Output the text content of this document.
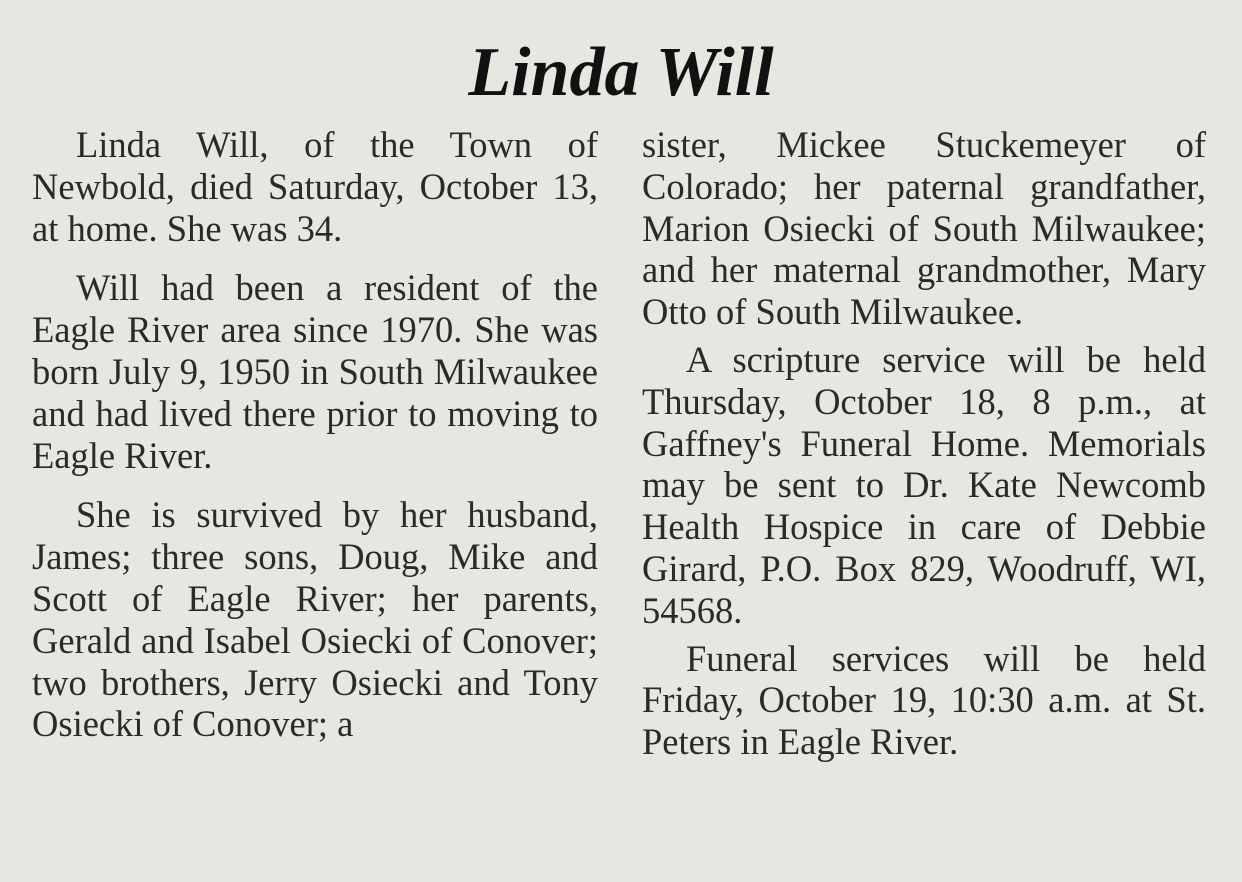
Linda Will

Linda Will, of the Town of Newbold, died Saturday, October 13, at home. She was 34.

Will had been a resident of the Eagle River area since 1970. She was born July 9, 1950 in South Milwaukee and had lived there prior to moving to Eagle River.

She is survived by her husband, James; three sons, Doug, Mike and Scott of Eagle River; her parents, Gerald and Isabel Osiecki of Conover; two brothers, Jerry Osiecki and Tony Osiecki of Conover; a

sister, Mickee Stuckemeyer of Colorado; her paternal grandfather, Marion Osiecki of South Milwaukee; and her maternal grandmother, Mary Otto of South Milwaukee.

A scripture service will be held Thursday, October 18, 8 p.m., at Gaffney's Funeral Home. Memorials may be sent to Dr. Kate Newcomb Health Hospice in care of Debbie Girard, P.O. Box 829, Woodruff, WI, 54568.

Funeral services will be held Friday, October 19, 10:30 a.m. at St. Peters in Eagle River.
